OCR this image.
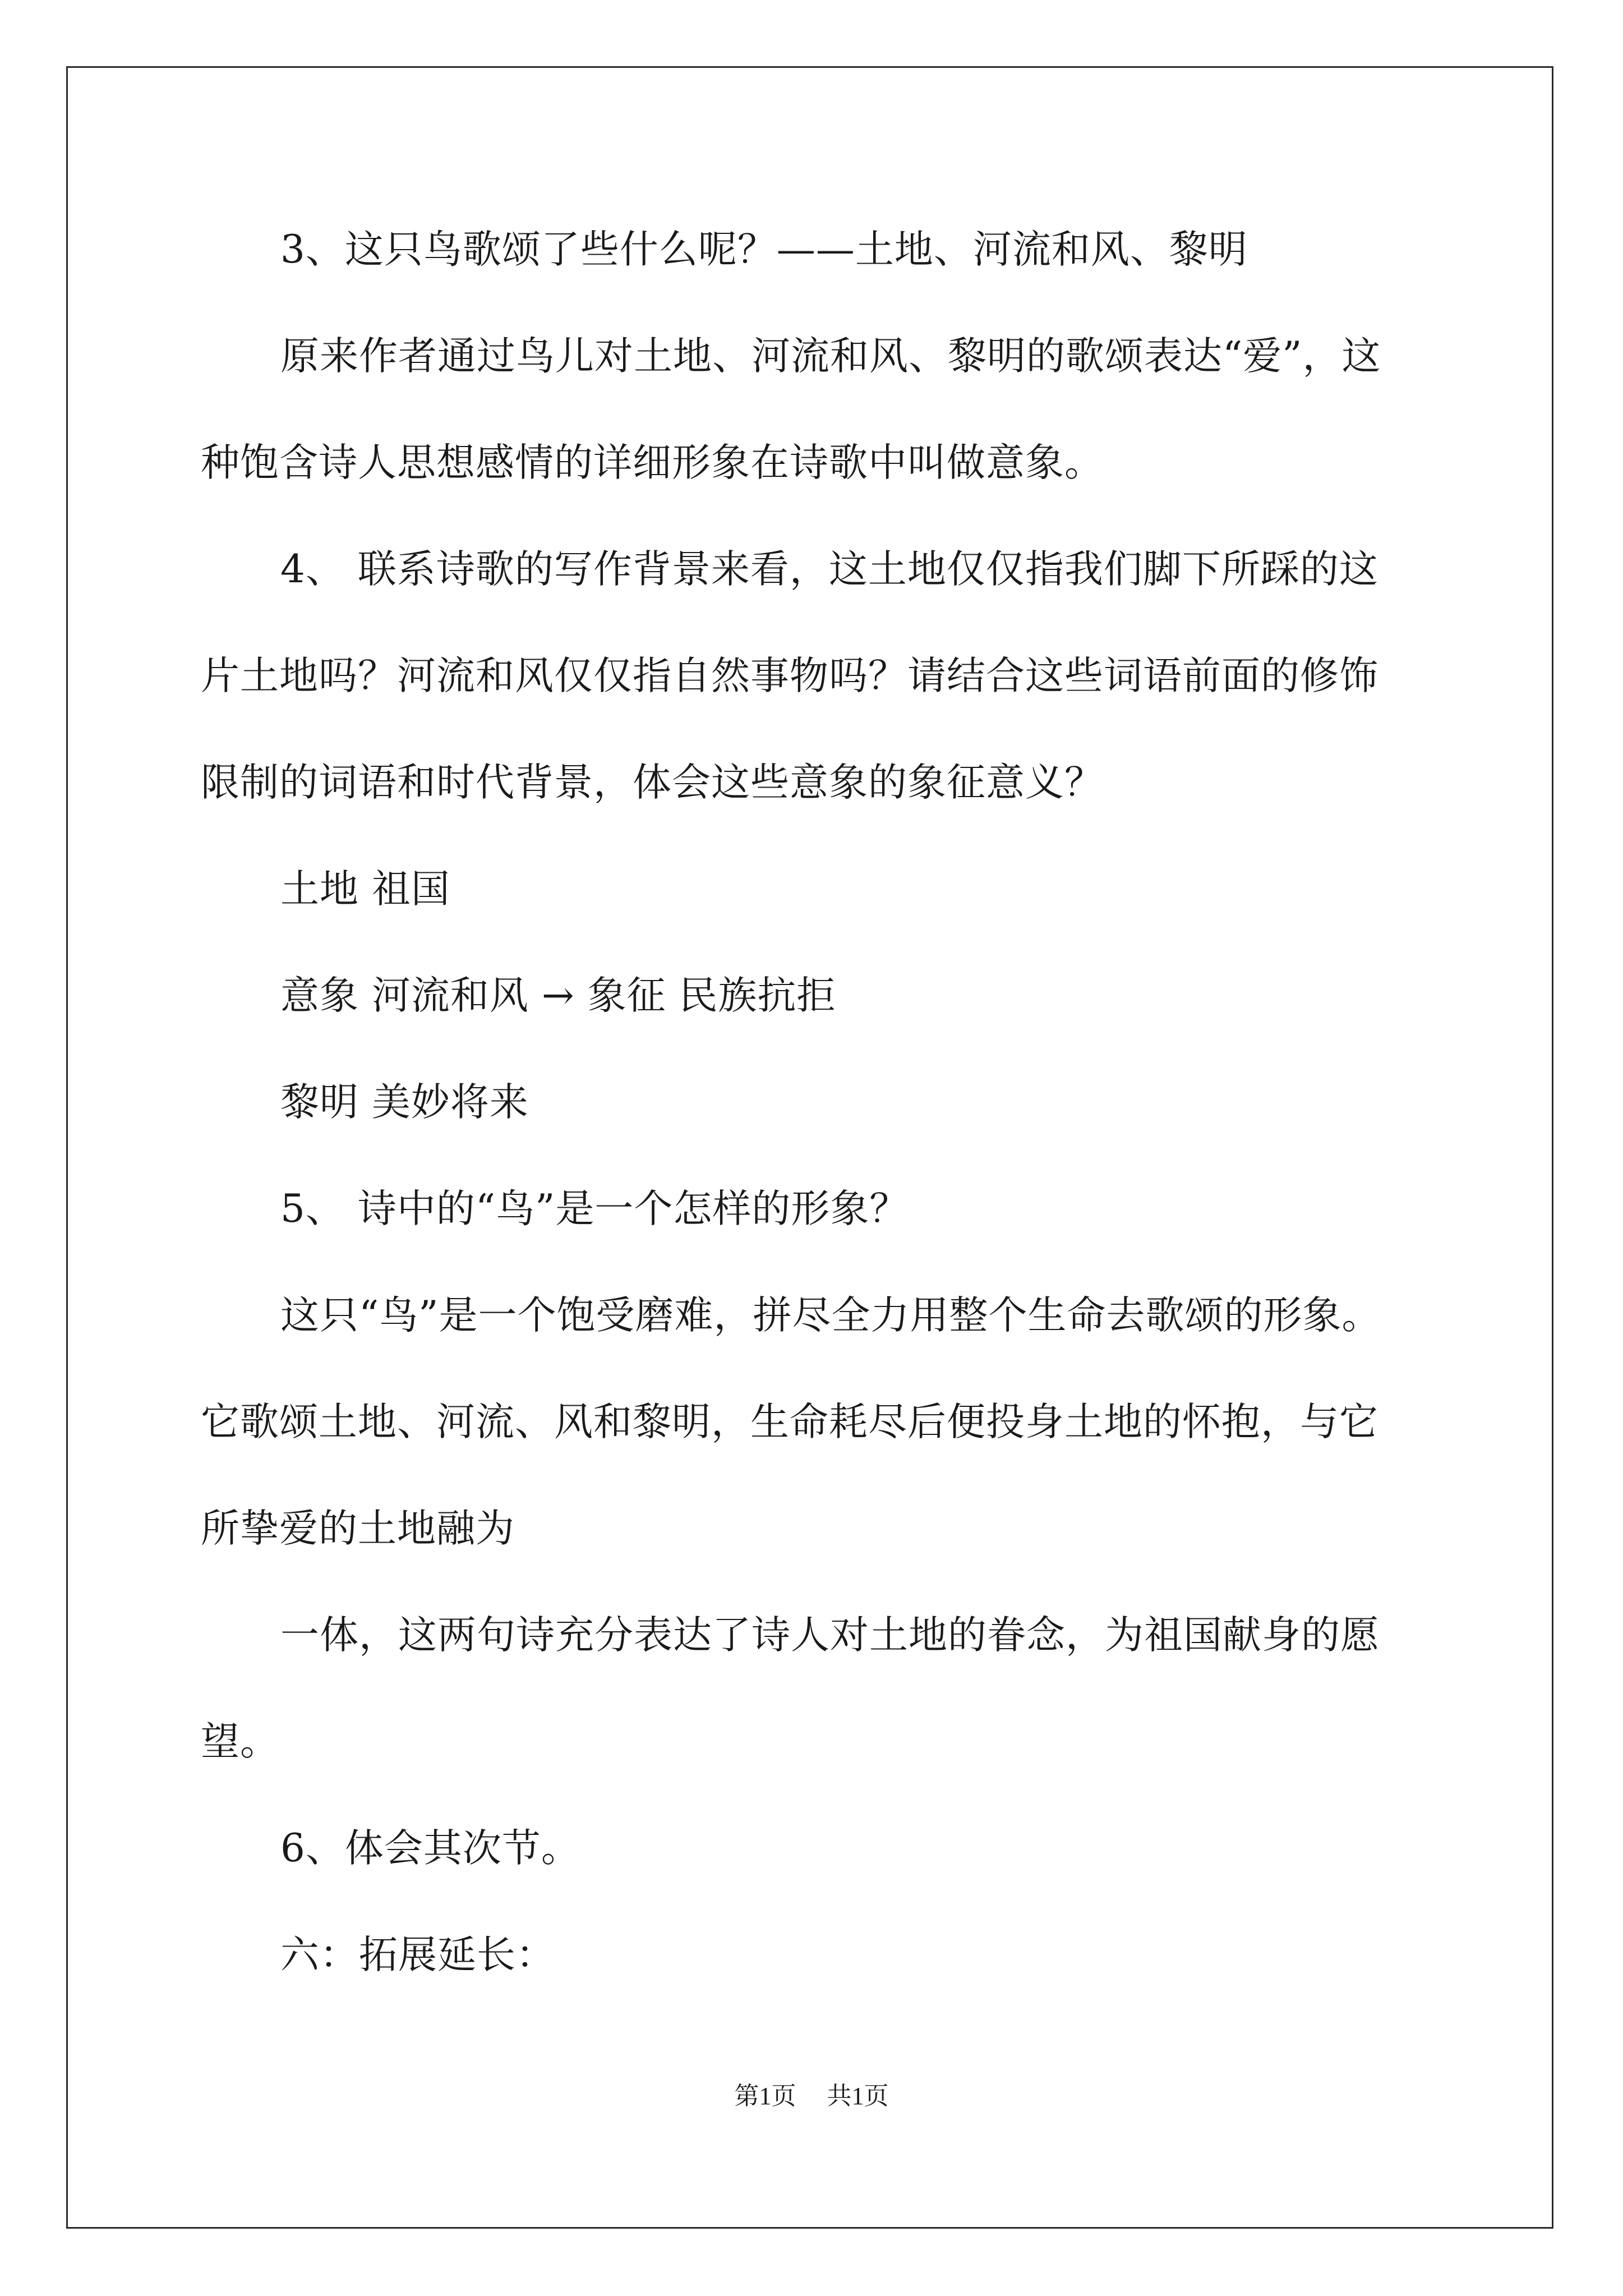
3、这只鸟歌颂了些什么呢？——土地、河流和风、黎明
原来作者通过鸟儿对土地、河流和风、黎明的歌颂表达“爱”，这
种饱含诗人思想感情的详细形象在诗歌中叫做意象。
4、 联系诗歌的写作背景来看，这土地仅仅指我们脚下所踩的这
片土地吗？河流和风仅仅指自然事物吗？请结合这些词语前面的修饰
限制的词语和时代背景，体会这些意象的象征意义？
土地 祖国
意象 河流和风 → 象征 民族抗拒
黎明 美妙将来
5、 诗中的“鸟”是一个怎样的形象？
这只“鸟”是一个饱受磨难，拼尽全力用整个生命去歌颂的形象。
它歌颂土地、河流、风和黎明，生命耗尽后便投身土地的怀抱，与它
所挚爱的土地融为
一体，这两句诗充分表达了诗人对土地的眷念，为祖国献身的愿
望。
6、体会其次节。
六：拓展延长：
第1页 共1页
